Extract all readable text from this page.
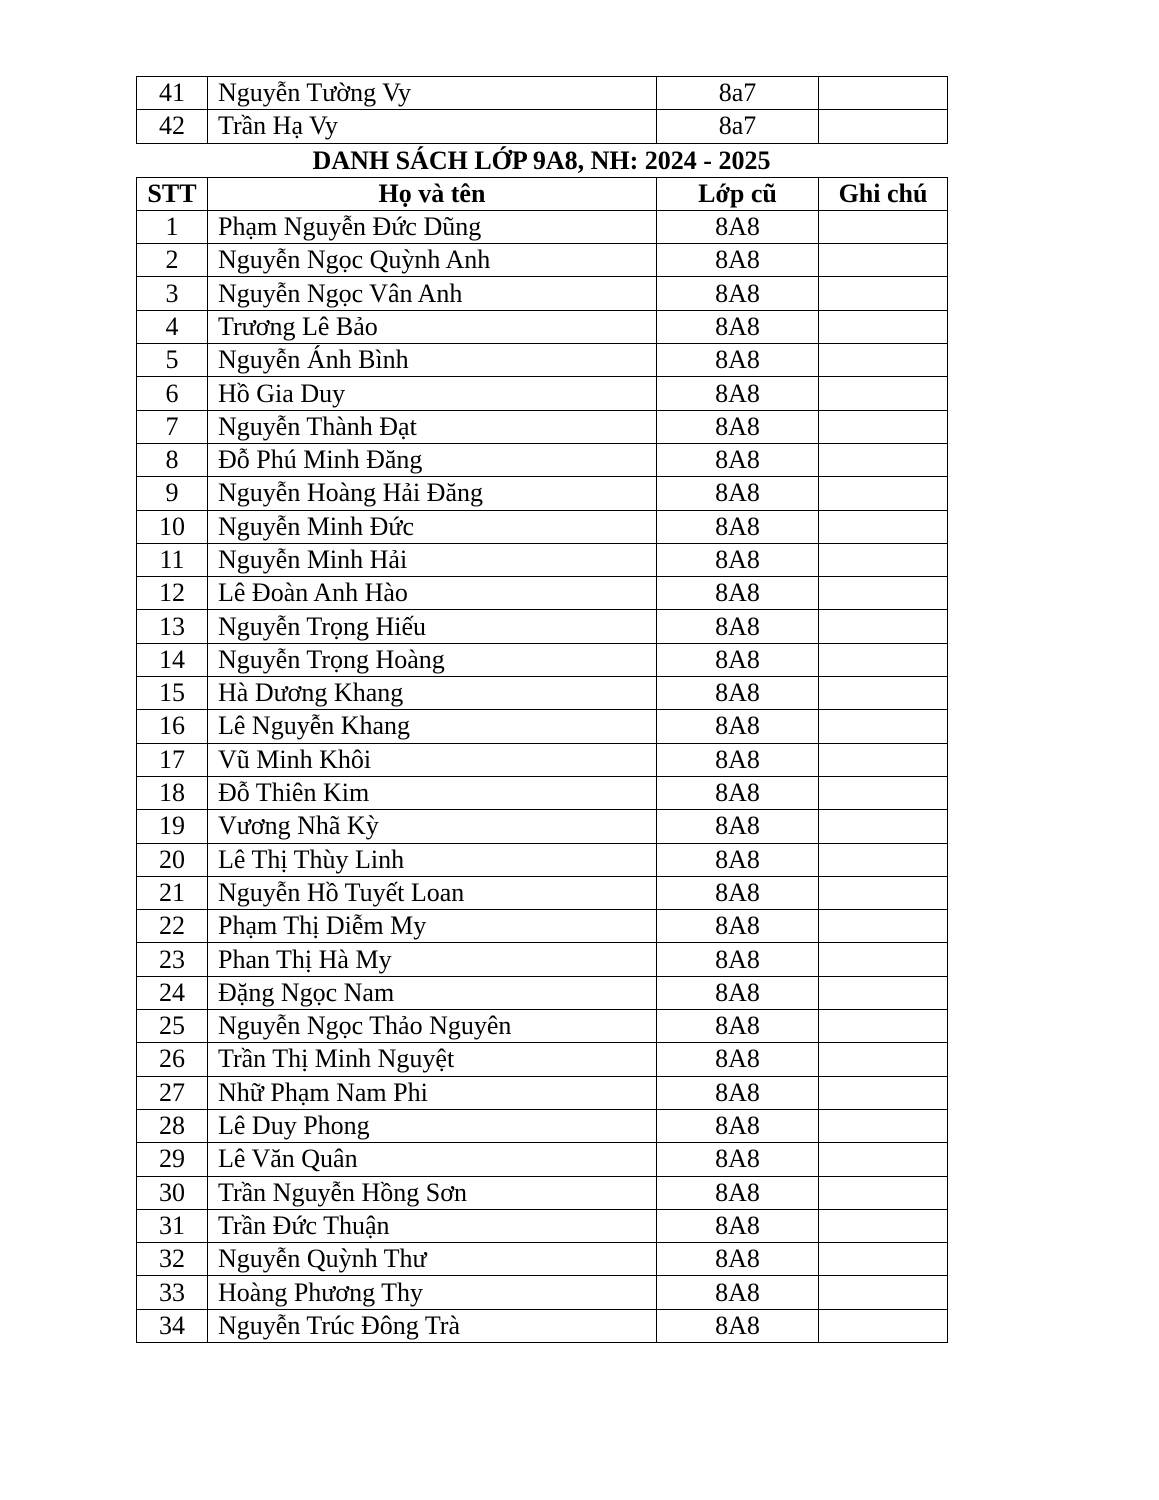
41	Nguyễn Tường Vy	8a7	
42	Trần Hạ Vy	8a7	
DANH SÁCH LỚP 9A8, NH: 2024 - 2025
STT	Họ và tên	Lớp cũ	Ghi chú
1	Phạm Nguyễn Đức Dũng	8A8	
2	Nguyễn Ngọc Quỳnh Anh	8A8	
3	Nguyễn Ngọc Vân Anh	8A8	
4	Trương Lê Bảo	8A8	
5	Nguyễn Ánh Bình	8A8	
6	Hồ Gia Duy	8A8	
7	Nguyễn Thành Đạt	8A8	
8	Đỗ Phú Minh Đăng	8A8	
9	Nguyễn Hoàng Hải Đăng	8A8	
10	Nguyễn Minh Đức	8A8	
11	Nguyễn Minh Hải	8A8	
12	Lê Đoàn Anh Hào	8A8	
13	Nguyễn Trọng Hiếu	8A8	
14	Nguyễn Trọng Hoàng	8A8	
15	Hà Dương Khang	8A8	
16	Lê Nguyễn Khang	8A8	
17	Vũ Minh Khôi	8A8	
18	Đỗ Thiên Kim	8A8	
19	Vương Nhã Kỳ	8A8	
20	Lê Thị Thùy Linh	8A8	
21	Nguyễn Hồ Tuyết Loan	8A8	
22	Phạm Thị Diễm My	8A8	
23	Phan Thị Hà My	8A8	
24	Đặng Ngọc Nam	8A8	
25	Nguyễn Ngọc Thảo Nguyên	8A8	
26	Trần Thị Minh Nguyệt	8A8	
27	Nhữ Phạm Nam Phi	8A8	
28	Lê Duy Phong	8A8	
29	Lê Văn Quân	8A8	
30	Trần Nguyễn Hồng Sơn	8A8	
31	Trần Đức Thuận	8A8	
32	Nguyễn Quỳnh Thư	8A8	
33	Hoàng Phương Thy	8A8	
34	Nguyễn Trúc Đông Trà	8A8	
